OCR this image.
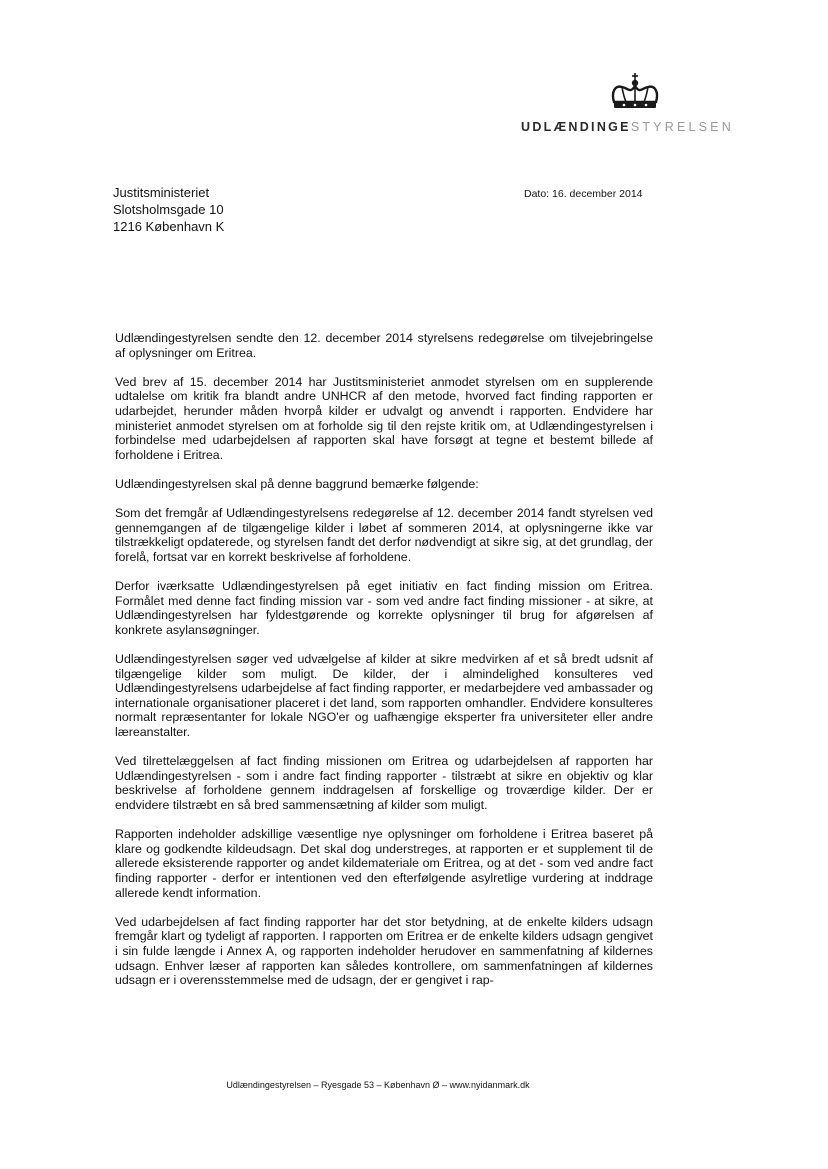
UDLÆNDINGESTYRELSEN
Justitsministeriet
Slotsholmsgade 10
1216 København K
Dato: 16. december 2014

Udlændingestyrelsen sendte den 12. december 2014 styrelsens redegørelse om tilvejebringelse af oplysninger om Eritrea.

Ved brev af 15. december 2014 har Justitsministeriet anmodet styrelsen om en supplerende udtalelse om kritik fra blandt andre UNHCR af den metode, hvorved fact finding rapporten er udarbejdet, herunder måden hvorpå kilder er udvalgt og anvendt i rapporten. Endvidere har ministeriet anmodet styrelsen om at forholde sig til den rejste kritik om, at Udlændingestyrelsen i forbindelse med udarbejdelsen af rapporten skal have forsøgt at tegne et bestemt billede af forholdene i Eritrea.

Udlændingestyrelsen skal på denne baggrund bemærke følgende:

Som det fremgår af Udlændingestyrelsens redegørelse af 12. december 2014 fandt styrelsen ved gennemgangen af de tilgængelige kilder i løbet af sommeren 2014, at oplysningerne ikke var tilstrækkeligt opdaterede, og styrelsen fandt det derfor nødvendigt at sikre sig, at det grundlag, der forelå, fortsat var en korrekt beskrivelse af forholdene.

Derfor iværksatte Udlændingestyrelsen på eget initiativ en fact finding mission om Eritrea. Formålet med denne fact finding mission var - som ved andre fact finding missioner - at sikre, at Udlændingestyrelsen har fyldestgørende og korrekte oplysninger til brug for afgørelsen af konkrete asylansøgninger.

Udlændingestyrelsen søger ved udvælgelse af kilder at sikre medvirken af et så bredt udsnit af tilgængelige kilder som muligt. De kilder, der i almindelighed konsulteres ved Udlændingestyrelsens udarbejdelse af fact finding rapporter, er medarbejdere ved ambassader og internationale organisationer placeret i det land, som rapporten omhandler. Endvidere konsulteres normalt repræsentanter for lokale NGO'er og uafhængige eksperter fra universiteter eller andre læreanstalter.

Ved tilrettelæggelsen af fact finding missionen om Eritrea og udarbejdelsen af rapporten har Udlændingestyrelsen - som i andre fact finding rapporter - tilstræbt at sikre en objektiv og klar beskrivelse af forholdene gennem inddragelsen af forskellige og troværdige kilder. Der er endvidere tilstræbt en så bred sammensætning af kilder som muligt.

Rapporten indeholder adskillige væsentlige nye oplysninger om forholdene i Eritrea baseret på klare og godkendte kildeudsagn. Det skal dog understreges, at rapporten er et supplement til de allerede eksisterende rapporter og andet kildemateriale om Eritrea, og at det - som ved andre fact finding rapporter - derfor er intentionen ved den efterfølgende asylretlige vurdering at inddrage allerede kendt information.

Ved udarbejdelsen af fact finding rapporter har det stor betydning, at de enkelte kilders udsagn fremgår klart og tydeligt af rapporten. I rapporten om Eritrea er de enkelte kilders udsagn gengivet i sin fulde længde i Annex A, og rapporten indeholder herudover en sammenfatning af kildernes udsagn. Enhver læser af rapporten kan således kontrollere, om sammenfatningen af kildernes udsagn er i overensstemmelse med de udsagn, der er gengivet i rap-

Udlændingestyrelsen – Ryesgade 53 – København Ø – www.nyidanmark.dk
